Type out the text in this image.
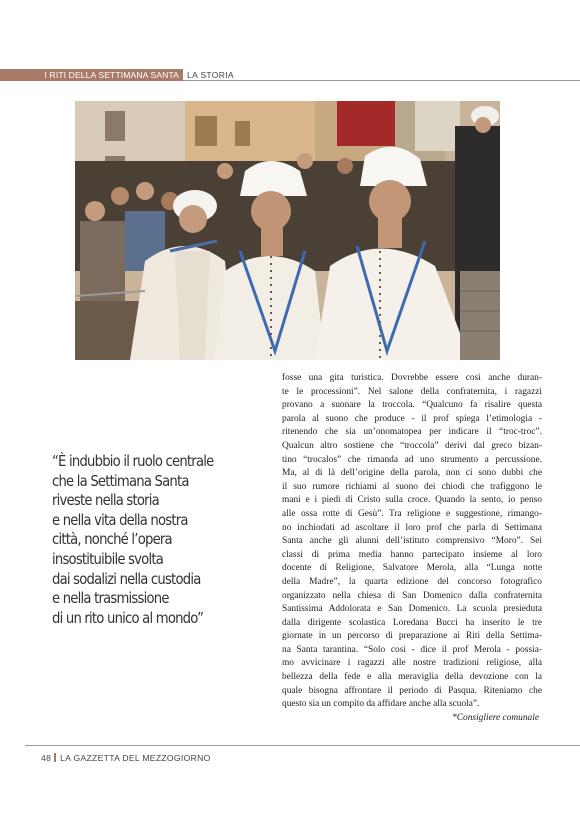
I RITI DELLA SETTIMANA SANTA LA STORIA
“È indubbio il ruolo centrale
che la Settimana Santa
riveste nella storia
e nella vita della nostra
città, nonché l’opera
insostituibile svolta
dai sodalizi nella custodia
e nella trasmissione
di un rito unico al mondo”
fosse una gita turistica. Dovrebbe essere così anche duran-
te le processioni”. Nel salone della confraternita, i ragazzi
provano a suonare la troccola. “Qualcuno fa risalire questa
parola al suono che produce - il prof spiega l’etimologia -
ritenendo che sia un’onomatopea per indicare il “troc-troc”.
Qualcun altro sostiene che “troccola” derivi dal greco bizan-
tino “trocalos” che rimanda ad uno strumento a percussione.
Ma, al di là dell’origine della parola, non ci sono dubbi che
il suo rumore richiami al suono dei chiodi che trafiggono le
mani e i piedi di Cristo sulla croce. Quando la sento, io penso
alle ossa rotte di Gesù”. Tra religione e suggestione, rimango-
no inchiodati ad ascoltare il loro prof che parla di Settimana
Santa anche gli alunni dell’istituto comprensivo “Moro”. Sei
classi di prima media hanno partecipato insieme al loro
docente di Religione, Salvatore Merola, alla “Lunga notte
della Madre”, la quarta edizione del concorso fotografico
organizzato nella chiesa di San Domenico dalla confraternita
Santissima Addolorata e San Domenico. La scuola presieduta
dalla dirigente scolastica Loredana Bucci ha inserito le tre
giornate in un percorso di preparazione ai Riti della Settima-
na Santa tarantina. “Solo così - dice il prof Merola - possia-
mo avvicinare i ragazzi alle nostre tradizioni religiose, alla
bellezza della fede e alla meraviglia della devozione con la
quale bisogna affrontare il periodo di Pasqua. Riteniamo che
questo sia un compito da affidare anche alla scuola”.
*Consigliere comunale
48 LA GAZZETTA DEL MEZZOGIORNO
